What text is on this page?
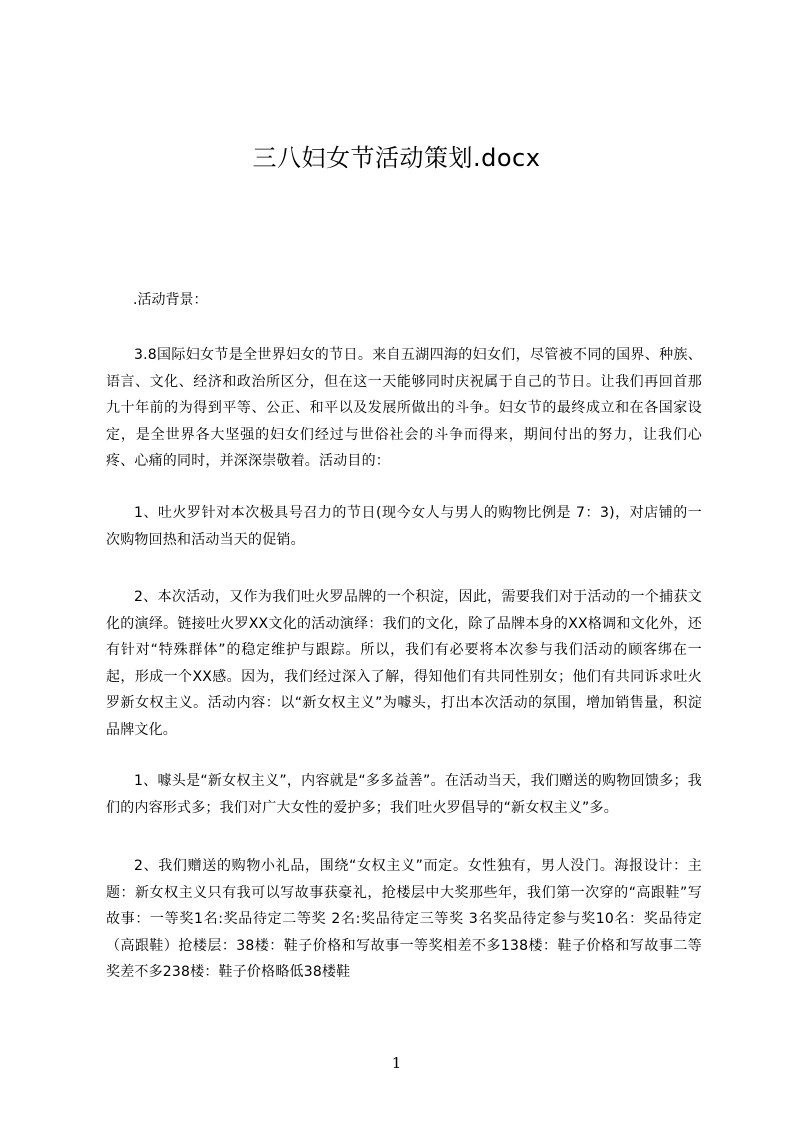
三八妇女节活动策划.docx

.活动背景：

3.8国际妇女节是全世界妇女的节日。来自五湖四海的妇女们，尽管被不同的国界、种族、语言、文化、经济和政治所区分，但在这一天能够同时庆祝属于自己的节日。让我们再回首那九十年前的为得到平等、公正、和平以及发展所做出的斗争。妇女节的最终成立和在各国家设定，是全世界各大坚强的妇女们经过与世俗社会的斗争而得来，期间付出的努力，让我们心疼、心痛的同时，并深深崇敬着。活动目的：

1、吐火罗针对本次极具号召力的节日(现今女人与男人的购物比例是 7：3)，对店铺的一次购物回热和活动当天的促销。

2、本次活动，又作为我们吐火罗品牌的一个积淀，因此，需要我们对于活动的一个捕获文化的演绎。链接吐火罗XX文化的活动演绎：我们的文化，除了品牌本身的XX格调和文化外，还有针对“特殊群体”的稳定维护与跟踪。所以，我们有必要将本次参与我们活动的顾客绑在一起，形成一个XX感。因为，我们经过深入了解，得知他们有共同性别女；他们有共同诉求吐火罗新女权主义。活动内容：以“新女权主义”为噱头，打出本次活动的氛围，增加销售量，积淀品牌文化。

1、噱头是“新女权主义”，内容就是“多多益善”。在活动当天，我们赠送的购物回馈多；我们的内容形式多；我们对广大女性的爱护多；我们吐火罗倡导的“新女权主义”多。

2、我们赠送的购物小礼品，围绕“女权主义”而定。女性独有，男人没门。海报设计：主题：新女权主义只有我可以写故事获豪礼，抢楼层中大奖那些年，我们第一次穿的“高跟鞋”写故事：一等奖1名:奖品待定二等奖 2名:奖品待定三等奖 3名奖品待定参与奖10名：奖品待定（高跟鞋）抢楼层：38楼：鞋子价格和写故事一等奖相差不多138楼：鞋子价格和写故事二等奖差不多238楼：鞋子价格略低38楼鞋

1
